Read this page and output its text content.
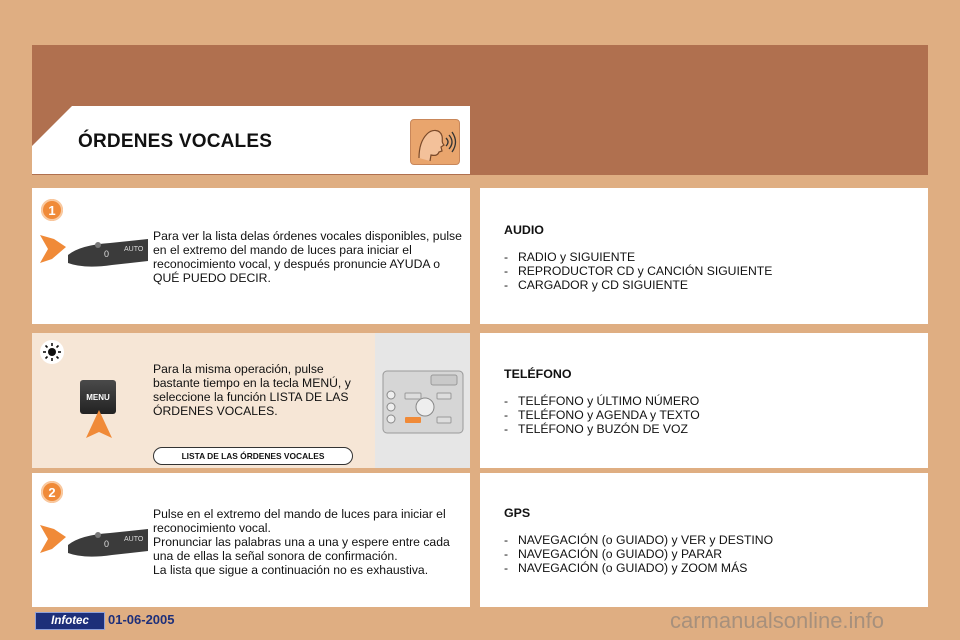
ÓRDENES VOCALES
1
0 AUTO
Para ver la lista delas órdenes vocales disponibles, pulse en el extremo del mando de luces para iniciar el reconocimiento vocal, y después pronuncie AYUDA o QUÉ PUEDO DECIR.
MENU
Para la misma operación, pulse bastante tiempo en la tecla MENÚ, y seleccione la función LISTA DE LAS ÓRDENES VOCALES.
LISTA DE LAS ÓRDENES VOCALES
2
0 AUTO
Pulse en el extremo del mando de luces para iniciar el reconocimiento vocal.
Pronunciar las palabras una a una y espere entre cada una de ellas la señal sonora de confirmación.
La lista que sigue a continuación no es exhaustiva.
AUDIO
- RADIO y SIGUIENTE
- REPRODUCTOR CD y CANCIÓN SIGUIENTE
- CARGADOR y CD SIGUIENTE
TELÉFONO
- TELÉFONO y ÚLTIMO NÚMERO
- TELÉFONO y AGENDA y TEXTO
- TELÉFONO y BUZÓN DE VOZ
GPS
- NAVEGACIÓN (o GUIADO) y VER y DESTINO
- NAVEGACIÓN (o GUIADO) y PARAR
- NAVEGACIÓN (o GUIADO) y ZOOM MÁS
Infotec	01-06-2005	carmanualsonline.info
